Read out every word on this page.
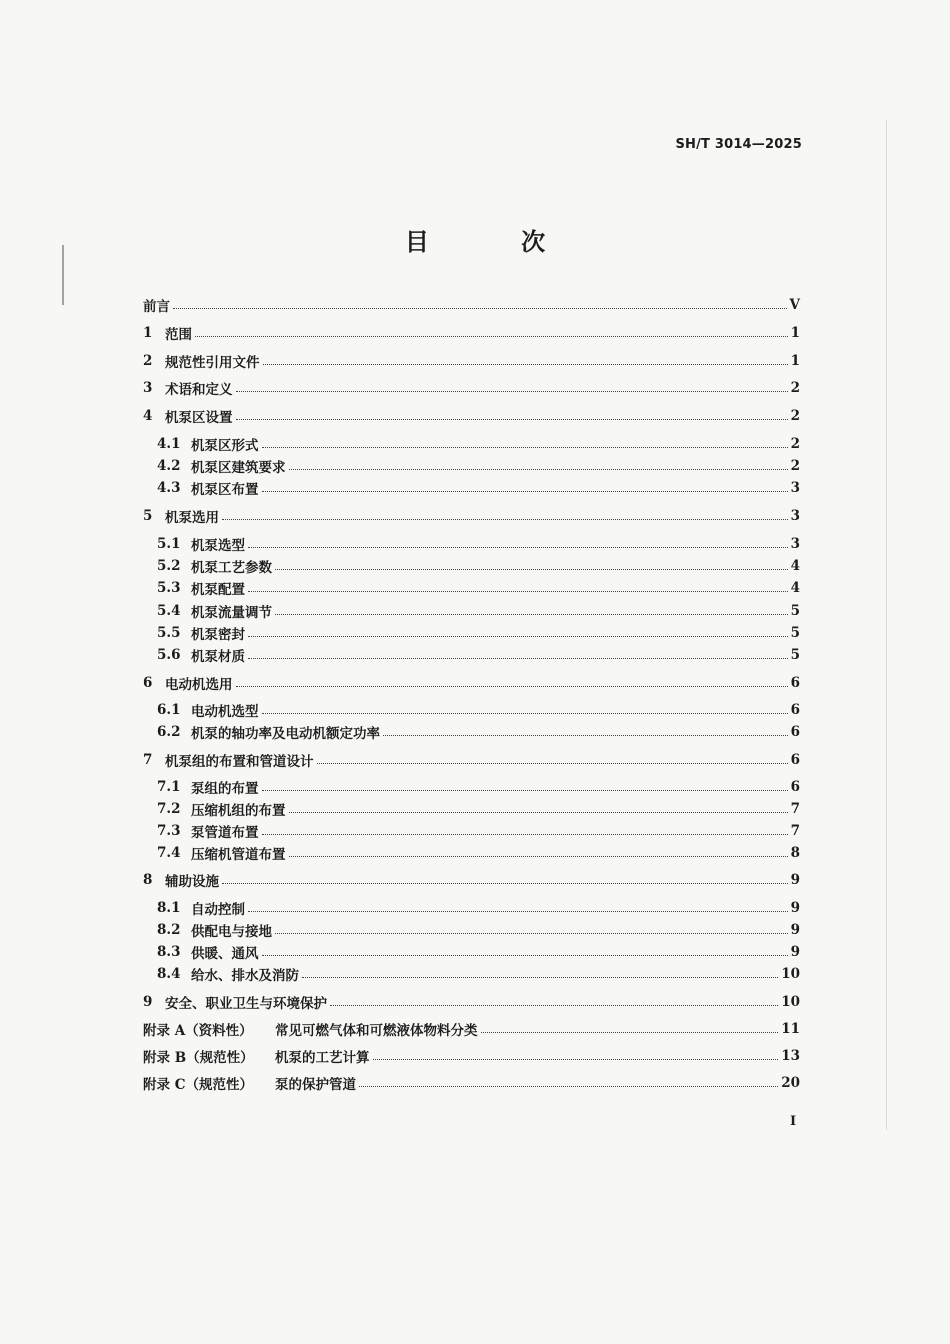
SH/T 3014—2025
目 次
前言	V
1 范围	1
2 规范性引用文件	1
3 术语和定义	2
4 机泵区设置	2
4.1 机泵区形式	2
4.2 机泵区建筑要求	2
4.3 机泵区布置	3
5 机泵选用	3
5.1 机泵选型	3
5.2 机泵工艺参数	4
5.3 机泵配置	4
5.4 机泵流量调节	5
5.5 机泵密封	5
5.6 机泵材质	5
6 电动机选用	6
6.1 电动机选型	6
6.2 机泵的轴功率及电动机额定功率	6
7 机泵组的布置和管道设计	6
7.1 泵组的布置	6
7.2 压缩机组的布置	7
7.3 泵管道布置	7
7.4 压缩机管道布置	8
8 辅助设施	9
8.1 自动控制	9
8.2 供配电与接地	9
8.3 供暖、通风	9
8.4 给水、排水及消防	10
9 安全、职业卫生与环境保护	10
附录 A（资料性）	常见可燃气体和可燃液体物料分类	11
附录 B（规范性）	机泵的工艺计算	13
附录 C（规范性）	泵的保护管道	20
I
